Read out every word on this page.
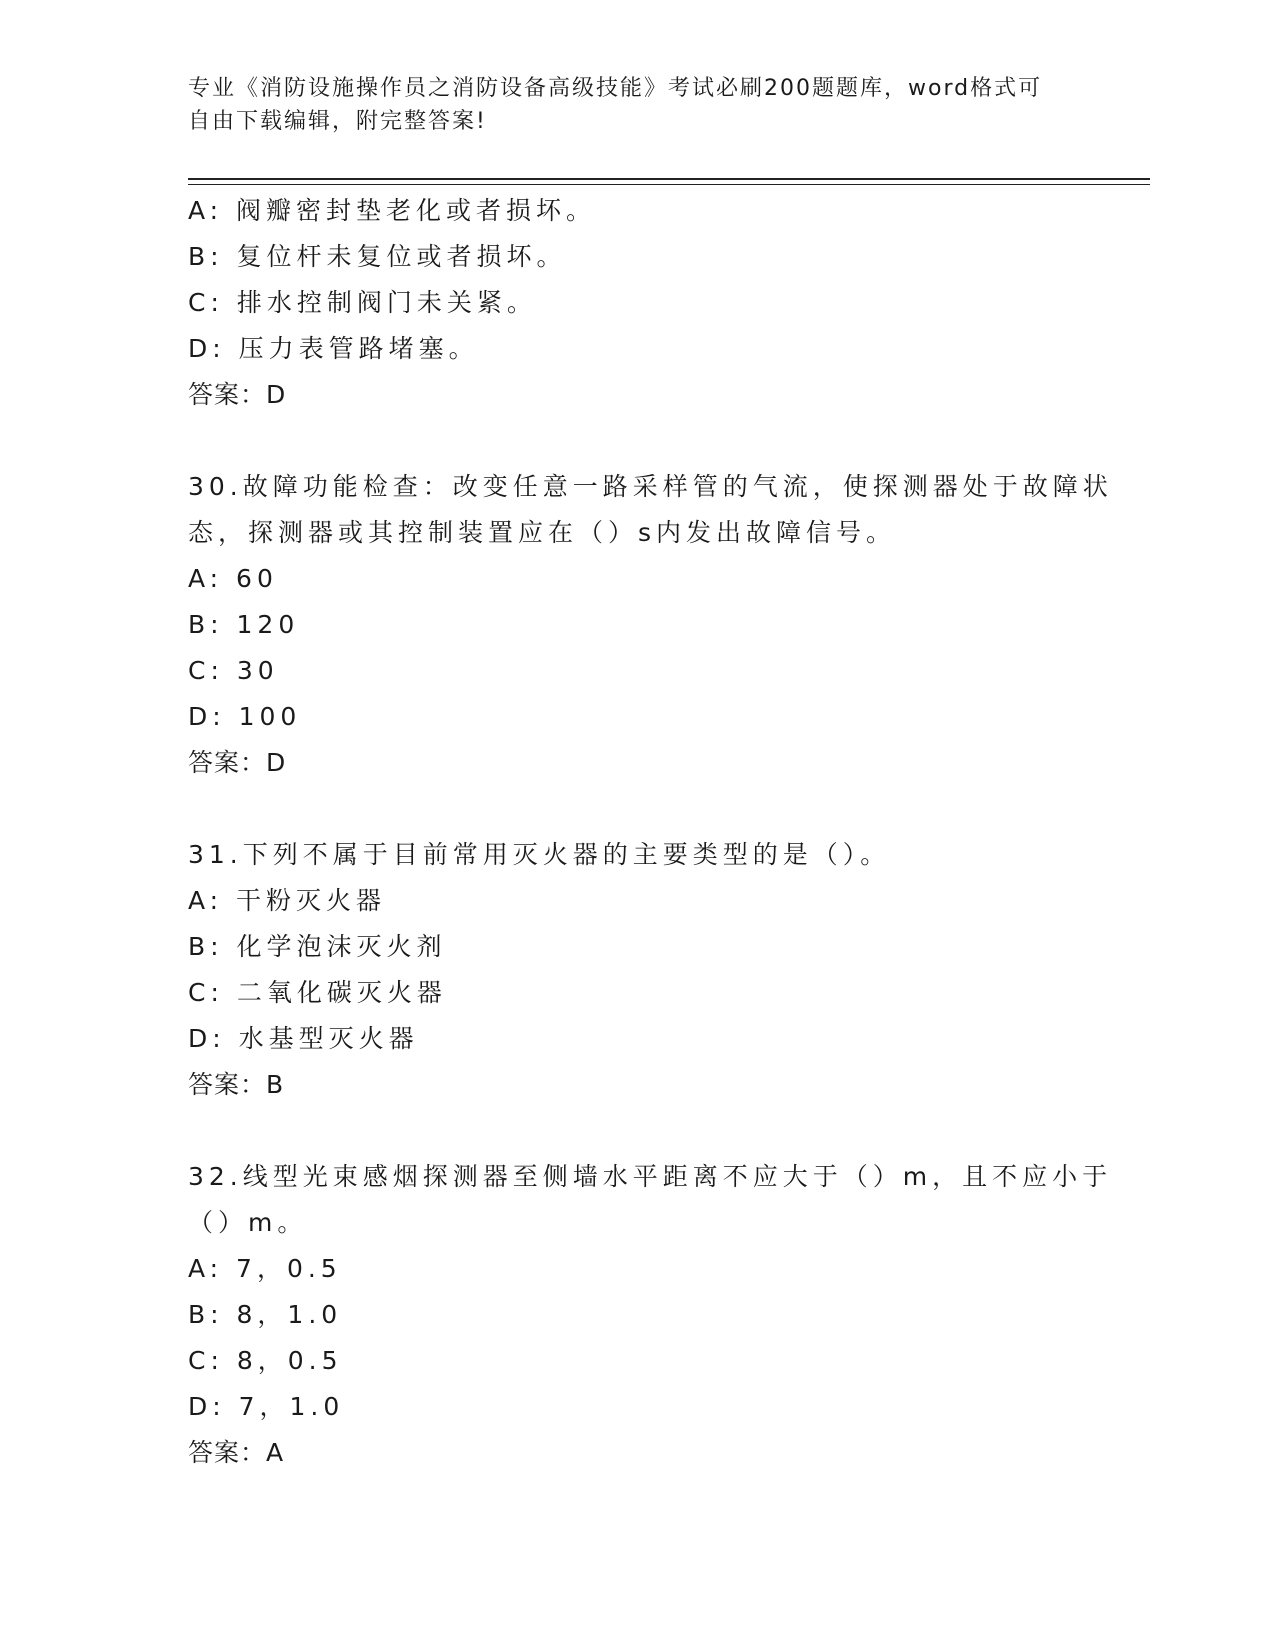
专业《消防设施操作员之消防设备高级技能》考试必刷200题题库，word格式可
自由下载编辑，附完整答案!
A: 阀瓣密封垫老化或者损坏。
B: 复位杆未复位或者损坏。
C: 排水控制阀门未关紧。
D: 压力表管路堵塞。
答案：D
30.故障功能检查：改变任意一路采样管的气流，使探测器处于故障状
态，探测器或其控制装置应在（）s内发出故障信号。
A: 60
B: 120
C: 30
D: 100
答案：D
31.下列不属于目前常用灭火器的主要类型的是（）。
A: 干粉灭火器
B: 化学泡沫灭火剂
C: 二氧化碳灭火器
D: 水基型灭火器
答案：B
32.线型光束感烟探测器至侧墙水平距离不应大于（）m，且不应小于
（）m。
A: 7，0.5
B: 8，1.0
C: 8，0.5
D: 7，1.0
答案：A
